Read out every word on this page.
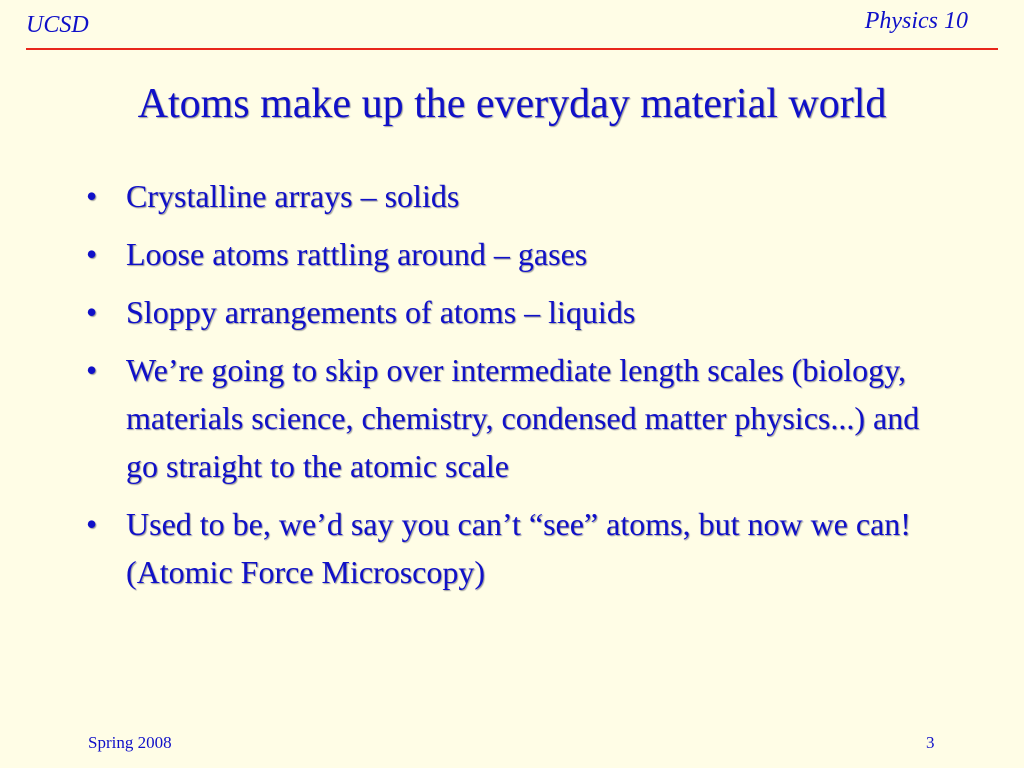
UCSD	Physics 10
Atoms make up the everyday material world
• Crystalline arrays – solids
• Loose atoms rattling around – gases
• Sloppy arrangements of atoms – liquids
• We’re going to skip over intermediate length scales (biology, materials science, chemistry, condensed matter physics...) and go straight to the atomic scale
• Used to be, we’d say you can’t “see” atoms, but now we can! (Atomic Force Microscopy)
Spring 2008	3
